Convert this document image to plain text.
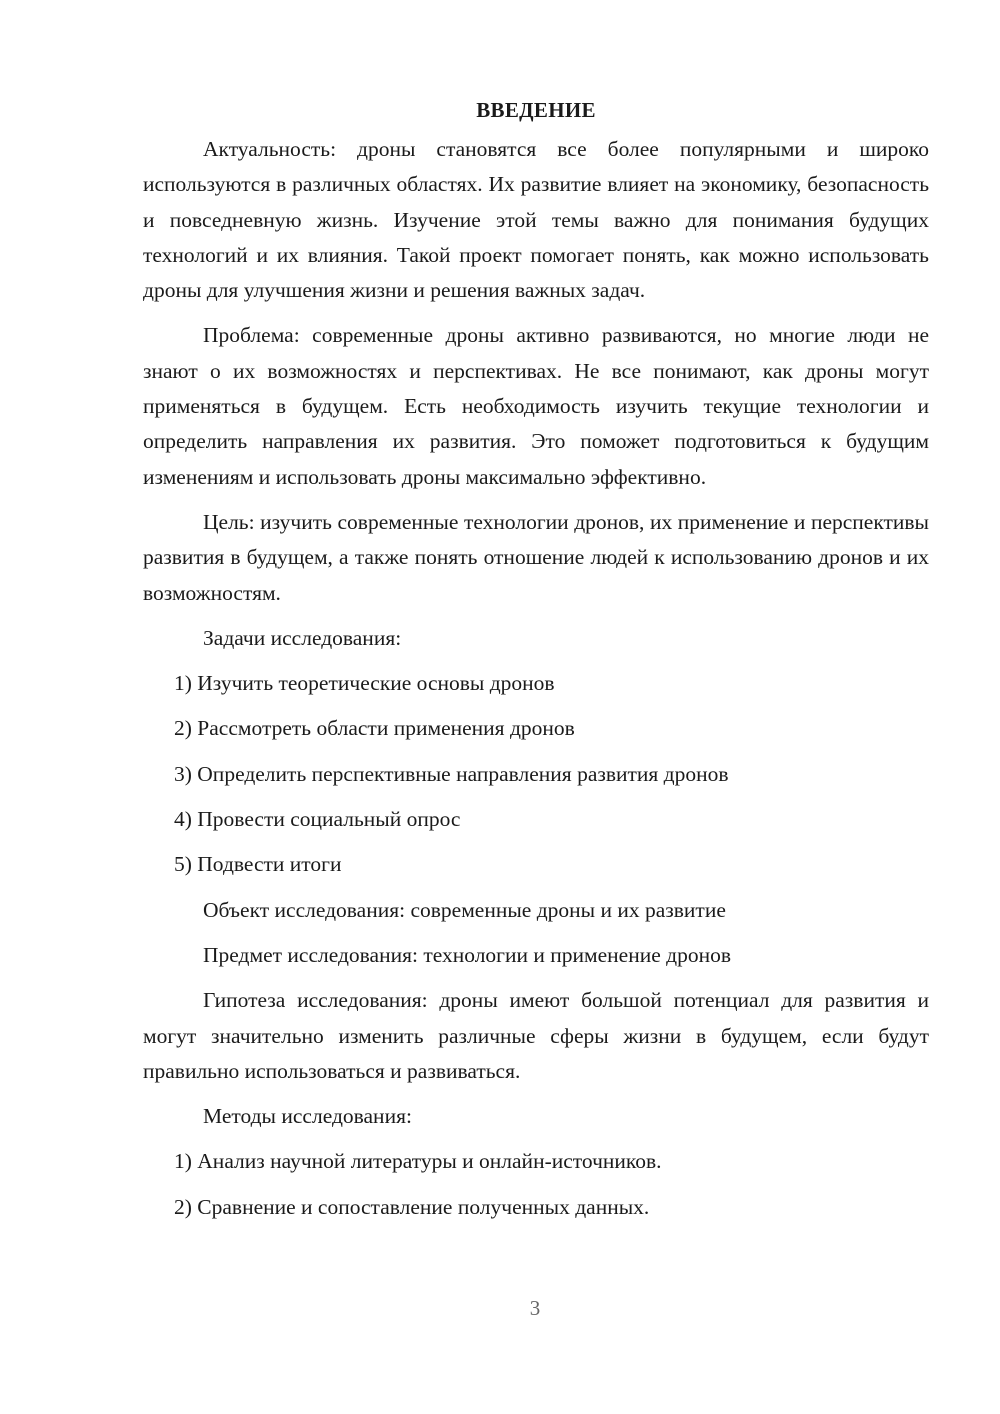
ВВЕДЕНИЕ

Актуальность: дроны становятся все более популярными и широко используются в различных областях. Их развитие влияет на экономику, безопасность и повседневную жизнь. Изучение этой темы важно для понимания будущих технологий и их влияния. Такой проект помогает понять, как можно использовать дроны для улучшения жизни и решения важных задач.

Проблема: современные дроны активно развиваются, но многие люди не знают о их возможностях и перспективах. Не все понимают, как дроны могут применяться в будущем. Есть необходимость изучить текущие технологии и определить направления их развития. Это поможет подготовиться к будущим изменениям и использовать дроны максимально эффективно.

Цель: изучить современные технологии дронов, их применение и перспективы развития в будущем, а также понять отношение людей к использованию дронов и их возможностям.

Задачи исследования:
1) Изучить теоретические основы дронов
2) Рассмотреть области применения дронов
3) Определить перспективные направления развития дронов
4) Провести социальный опрос
5) Подвести итоги
Объект исследования: современные дроны и их развитие
Предмет исследования: технологии и применение дронов

Гипотеза исследования: дроны имеют большой потенциал для развития и могут значительно изменить различные сферы жизни в будущем, если будут правильно использоваться и развиваться.

Методы исследования:
1) Анализ научной литературы и онлайн-источников.
2) Сравнение и сопоставление полученных данных.
3
